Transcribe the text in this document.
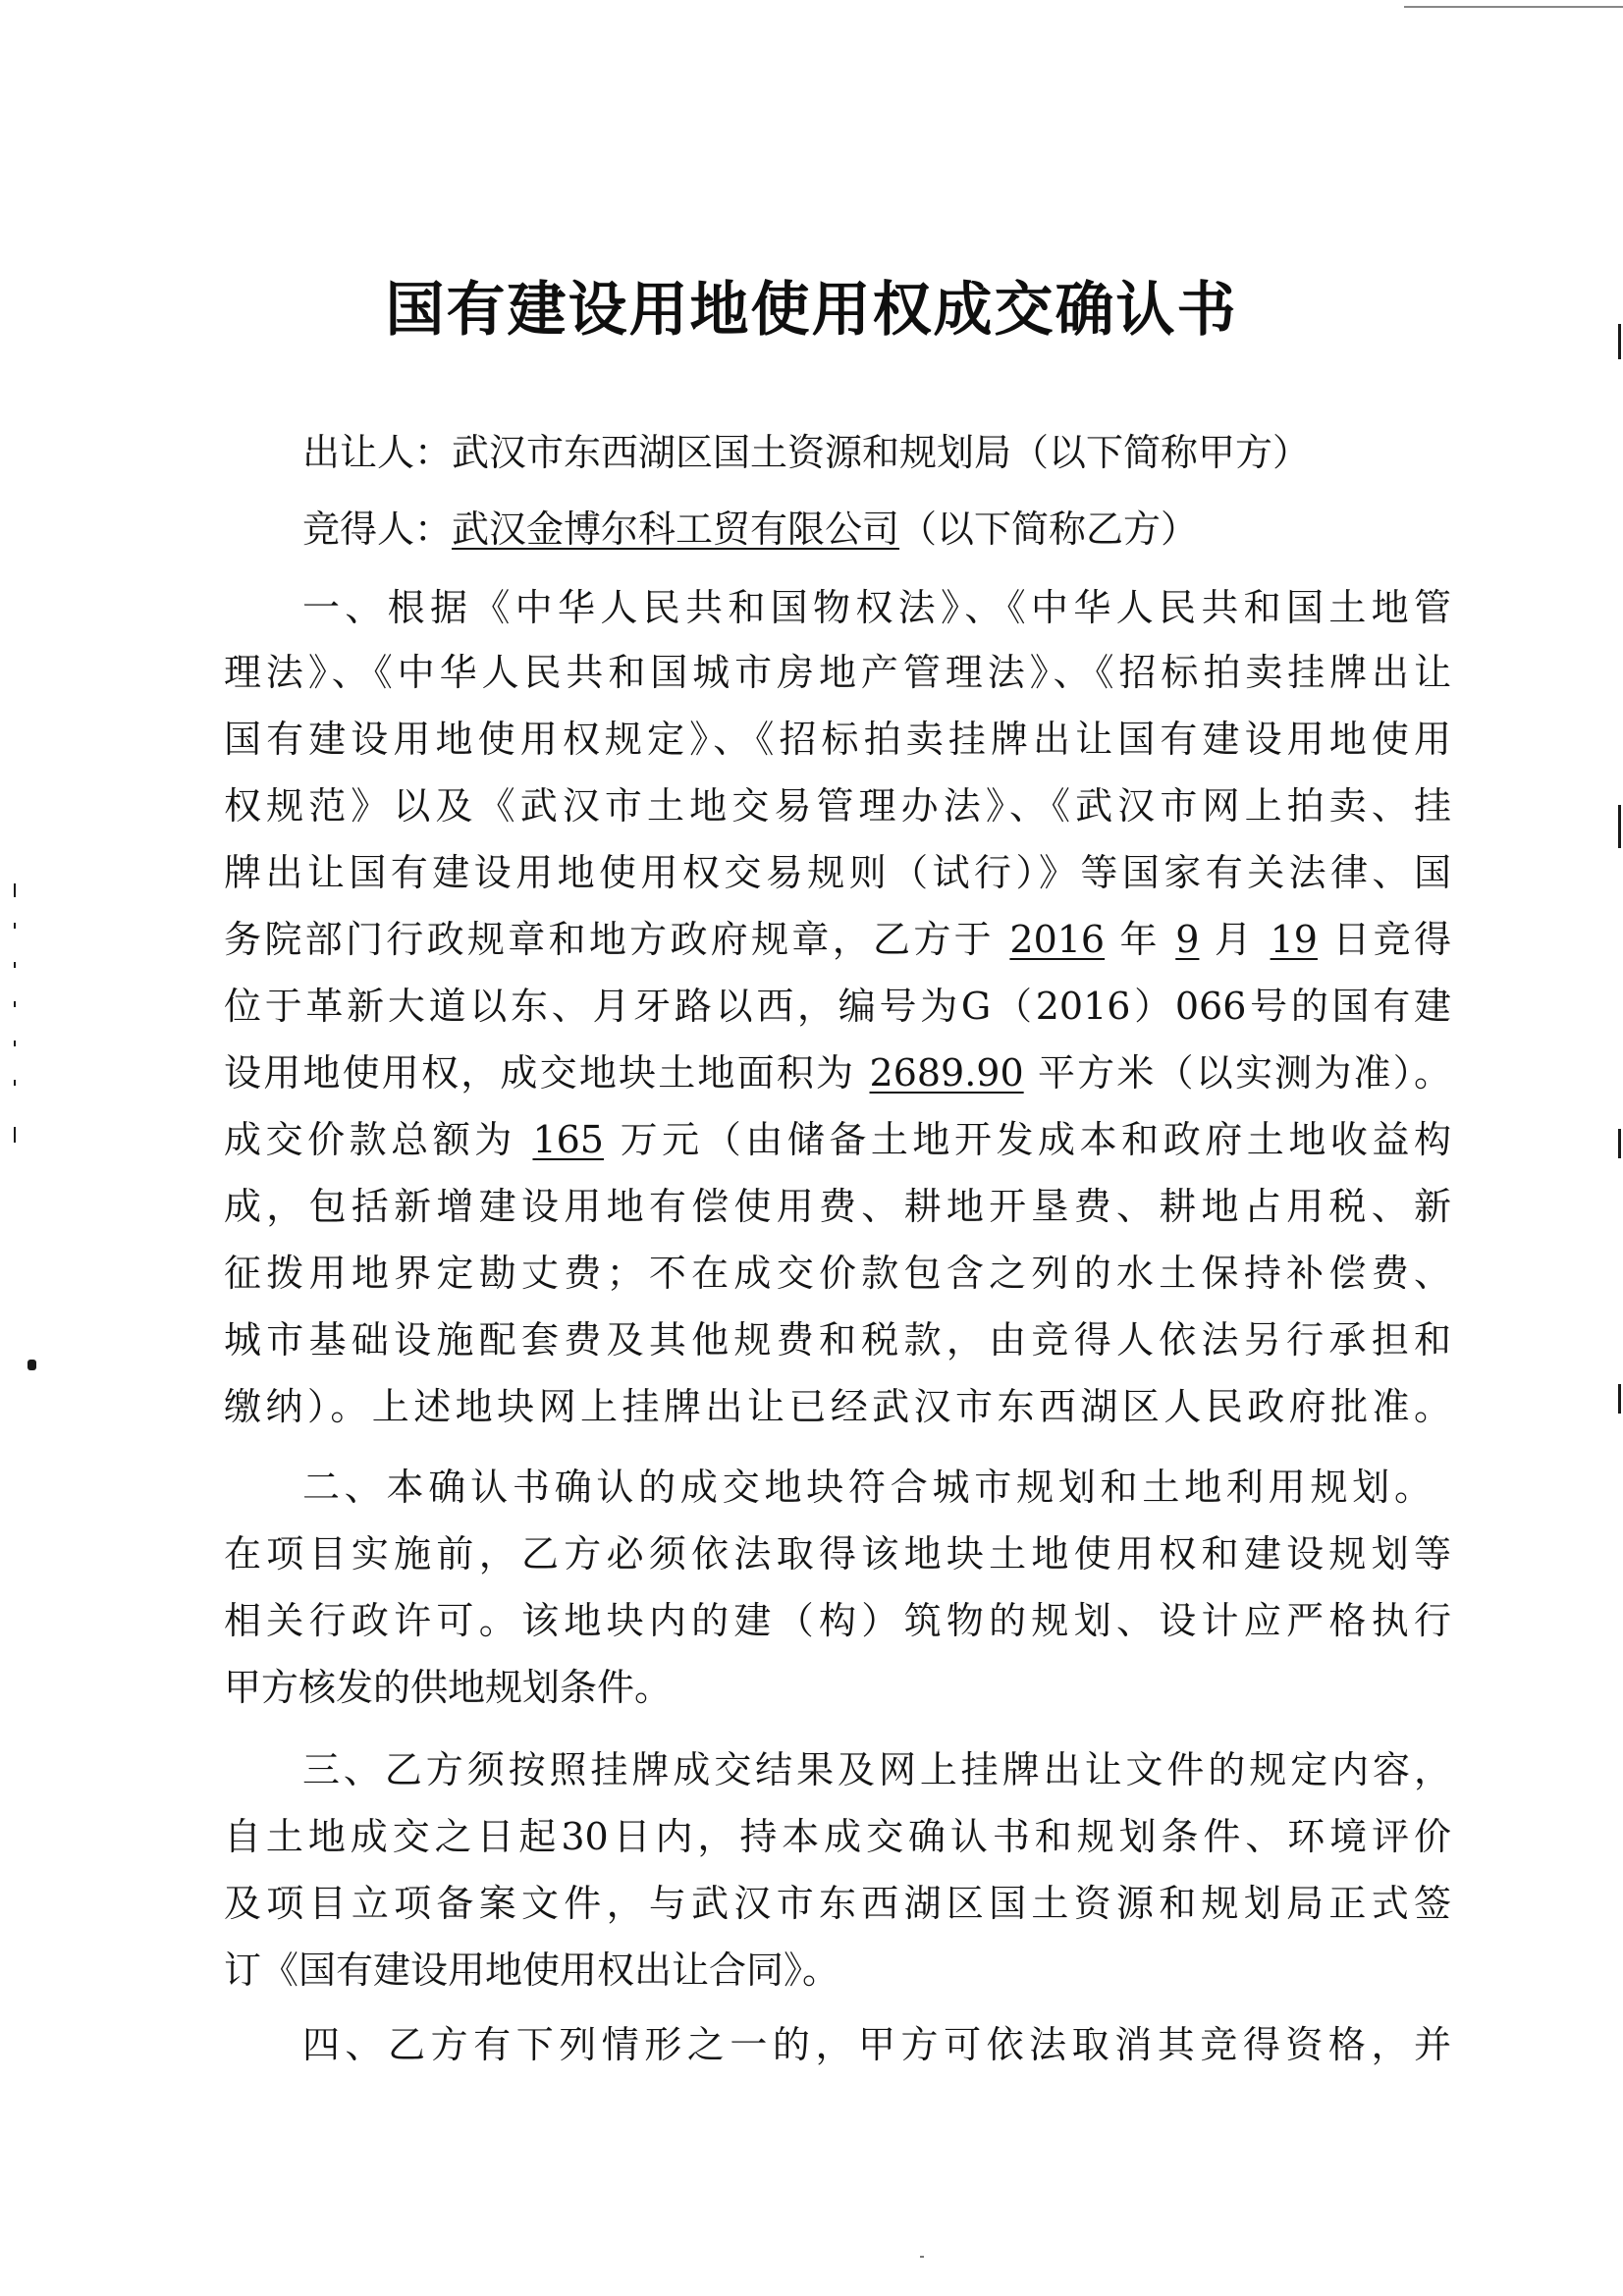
国有建设用地使用权成交确认书
出让人：武汉市东西湖区国土资源和规划局（以下简称甲方）
竞得人：武汉金博尔科工贸有限公司（以下简称乙方）
一、根据《中华人民共和国物权法》、《中华人民共和国土地管
理法》、《中华人民共和国城市房地产管理法》、《招标拍卖挂牌出让
国有建设用地使用权规定》、《招标拍卖挂牌出让国有建设用地使用
权规范》以及《武汉市土地交易管理办法》、《武汉市网上拍卖、挂
牌出让国有建设用地使用权交易规则（试行）》等国家有关法律、国
务院部门行政规章和地方政府规章，乙方于 2016 年 9 月 19 日竞得
位于革新大道以东、月牙路以西，编号为G（2016）066号的国有建
设用地使用权，成交地块土地面积为 2689.90 平方米（以实测为准）。
成交价款总额为 165 万元（由储备土地开发成本和政府土地收益构
成，包括新增建设用地有偿使用费、耕地开垦费、耕地占用税、新
征拨用地界定勘丈费；不在成交价款包含之列的水土保持补偿费、
城市基础设施配套费及其他规费和税款，由竞得人依法另行承担和
缴纳）。上述地块网上挂牌出让已经武汉市东西湖区人民政府批准。
二、本确认书确认的成交地块符合城市规划和土地利用规划。
在项目实施前，乙方必须依法取得该地块土地使用权和建设规划等
相关行政许可。该地块内的建（构）筑物的规划、设计应严格执行
甲方核发的供地规划条件。
三、乙方须按照挂牌成交结果及网上挂牌出让文件的规定内容，
自土地成交之日起30日内，持本成交确认书和规划条件、环境评价
及项目立项备案文件，与武汉市东西湖区国土资源和规划局正式签
订《国有建设用地使用权出让合同》。
四、乙方有下列情形之一的，甲方可依法取消其竞得资格，并
